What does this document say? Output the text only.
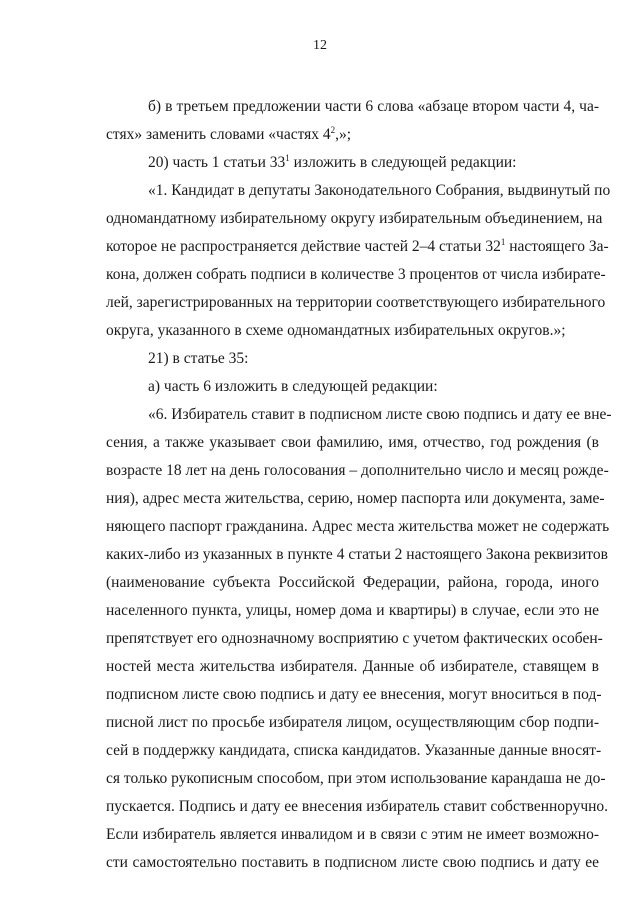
12

б) в третьем предложении части 6 слова «абзаце втором части 4, ча-

стях» заменить словами «частях $4^2$,»;

20) часть 1 статьи $33^1$ изложить в следующей редакции:

«1. Кандидат в депутаты Законодательного Собрания, выдвинутый по

одномандатному избирательному округу избирательным объединением, на

которое не распространяется действие частей 2–4 статьи $32^1$ настоящего За-

кона, должен собрать подписи в количестве 3 процентов от числа избирате-

лей, зарегистрированных на территории соответствующего избирательного

округа, указанного в схеме одномандатных избирательных округов.»;

21) в статье 35:

а) часть 6 изложить в следующей редакции:

«6. Избиратель ставит в подписном листе свою подпись и дату ее вне-

сения, а также указывает свои фамилию, имя, отчество, год рождения (в

возрасте 18 лет на день голосования – дополнительно число и месяц рожде-

ния), адрес места жительства, серию, номер паспорта или документа, заме-

няющего паспорт гражданина. Адрес места жительства может не содержать

каких-либо из указанных в пункте 4 статьи 2 настоящего Закона реквизитов

(наименование субъекта Российской Федерации, района, города, иного

населенного пункта, улицы, номер дома и квартиры) в случае, если это не

препятствует его однозначному восприятию с учетом фактических особен-

ностей места жительства избирателя. Данные об избирателе, ставящем в

подписном листе свою подпись и дату ее внесения, могут вноситься в под-

писной лист по просьбе избирателя лицом, осуществляющим сбор подпи-

сей в поддержку кандидата, списка кандидатов. Указанные данные вносят-

ся только рукописным способом, при этом использование карандаша не до-

пускается. Подпись и дату ее внесения избиратель ставит собственноручно.

Если избиратель является инвалидом и в связи с этим не имеет возможно-

сти самостоятельно поставить в подписном листе свою подпись и дату ее
